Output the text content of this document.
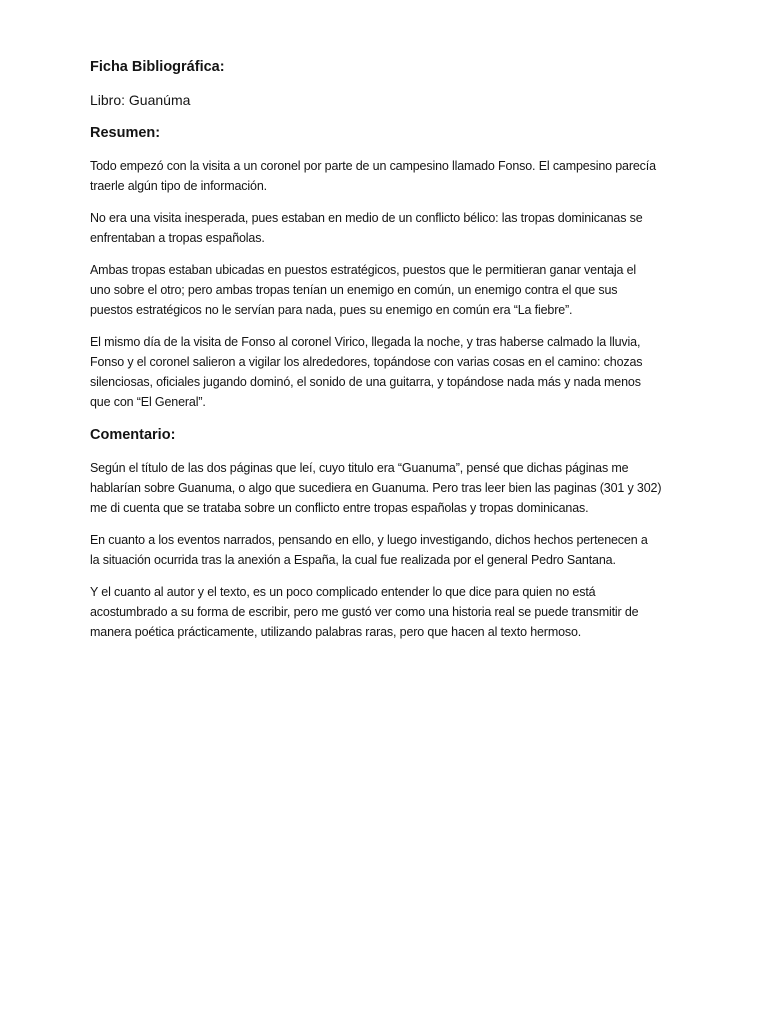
Ficha Bibliográfica:
Libro: Guanúma
Resumen:
Todo empezó con la visita a un coronel por parte de un campesino llamado Fonso. El campesino parecía
traerle algún tipo de información.
No era una visita inesperada, pues estaban en medio de un conflicto bélico: las tropas dominicanas se
enfrentaban a tropas españolas.
Ambas tropas estaban ubicadas en puestos estratégicos, puestos que le permitieran ganar ventaja el
uno sobre el otro; pero ambas tropas tenían un enemigo en común, un enemigo contra el que sus
puestos estratégicos no le servían para nada, pues su enemigo en común era “La fiebre”.
El mismo día de la visita de Fonso al coronel Virico, llegada la noche, y tras haberse calmado la lluvia,
Fonso y el coronel salieron a vigilar los alrededores, topándose con varias cosas en el camino: chozas
silenciosas, oficiales jugando dominó, el sonido de una guitarra, y topándose nada más y nada menos
que con “El General”.
Comentario:
Según el título de las dos páginas que leí, cuyo titulo era “Guanuma”, pensé que dichas páginas me
hablarían sobre Guanuma, o algo que sucediera en Guanuma. Pero tras leer bien las paginas (301 y 302)
me di cuenta que se trataba sobre un conflicto entre tropas españolas y tropas dominicanas.
En cuanto a los eventos narrados, pensando en ello, y luego investigando, dichos hechos pertenecen a
la situación ocurrida tras la anexión a España, la cual fue realizada por el general Pedro Santana.
Y el cuanto al autor y el texto, es un poco complicado entender lo que dice para quien no está
acostumbrado a su forma de escribir, pero me gustó ver como una historia real se puede transmitir de
manera poética prácticamente, utilizando palabras raras, pero que hacen al texto hermoso.
